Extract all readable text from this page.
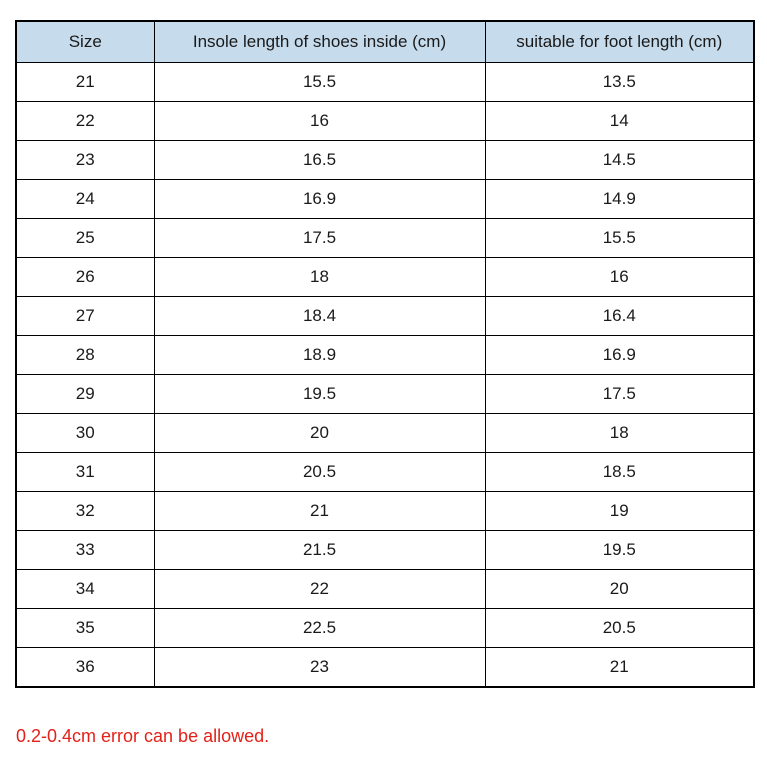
Size	Insole length of shoes inside (cm)	suitable for foot length (cm)
21	15.5	13.5
22	16	14
23	16.5	14.5
24	16.9	14.9
25	17.5	15.5
26	18	16
27	18.4	16.4
28	18.9	16.9
29	19.5	17.5
30	20	18
31	20.5	18.5
32	21	19
33	21.5	19.5
34	22	20
35	22.5	20.5
36	23	21
0.2-0.4cm error can be allowed.
